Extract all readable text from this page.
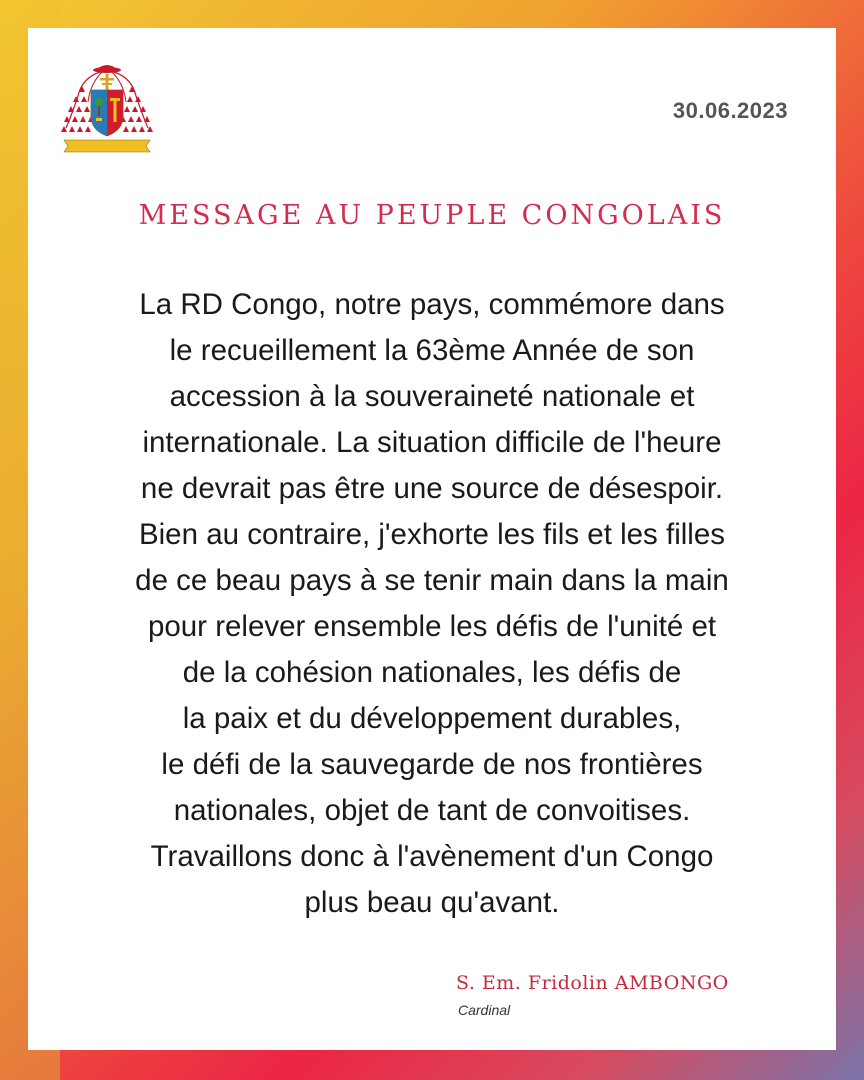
30.06.2023
MESSAGE AU PEUPLE CONGOLAIS
La RD Congo, notre pays, commémore dans
le recueillement la 63ème Année de son
accession à la souveraineté nationale et
internationale. La situation difficile de l'heure
ne devrait pas être une source de désespoir.
Bien au contraire, j'exhorte les fils et les filles
de ce beau pays à se tenir main dans la main
pour relever ensemble les défis de l'unité et
de la cohésion nationales, les défis de
la paix et du développement durables,
le défi de la sauvegarde de nos frontières
nationales, objet de tant de convoitises.
Travaillons donc à l'avènement d'un Congo
plus beau qu'avant.
S. Em. Fridolin AMBONGO
Cardinal
